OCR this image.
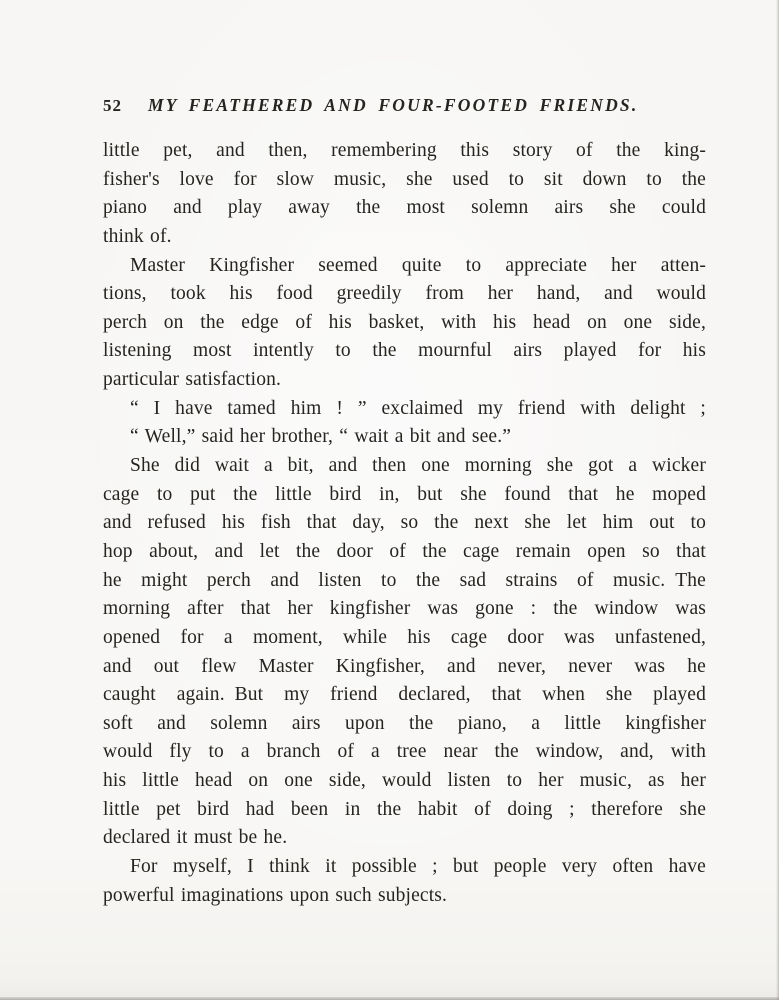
52 MY FEATHERED AND FOUR-FOOTED FRIENDS.
little pet, and then, remembering this story of the king-
fisher's love for slow music, she used to sit down to the
piano and play away the most solemn airs she could
think of.
Master Kingfisher seemed quite to appreciate her atten-
tions, took his food greedily from her hand, and would
perch on the edge of his basket, with his head on one side,
listening most intently to the mournful airs played for his
particular satisfaction.
“ I have tamed him ! ” exclaimed my friend with delight ;
“ Well,” said her brother, “ wait a bit and see.”
She did wait a bit, and then one morning she got a wicker
cage to put the little bird in, but she found that he moped
and refused his fish that day, so the next she let him out to
hop about, and let the door of the cage remain open so that
he might perch and listen to the sad strains of music. The
morning after that her kingfisher was gone : the window was
opened for a moment, while his cage door was unfastened,
and out flew Master Kingfisher, and never, never was he
caught again. But my friend declared, that when she played
soft and solemn airs upon the piano, a little kingfisher
would fly to a branch of a tree near the window, and, with
his little head on one side, would listen to her music, as her
little pet bird had been in the habit of doing ; therefore she
declared it must be he.
For myself, I think it possible ; but people very often have
powerful imaginations upon such subjects.
